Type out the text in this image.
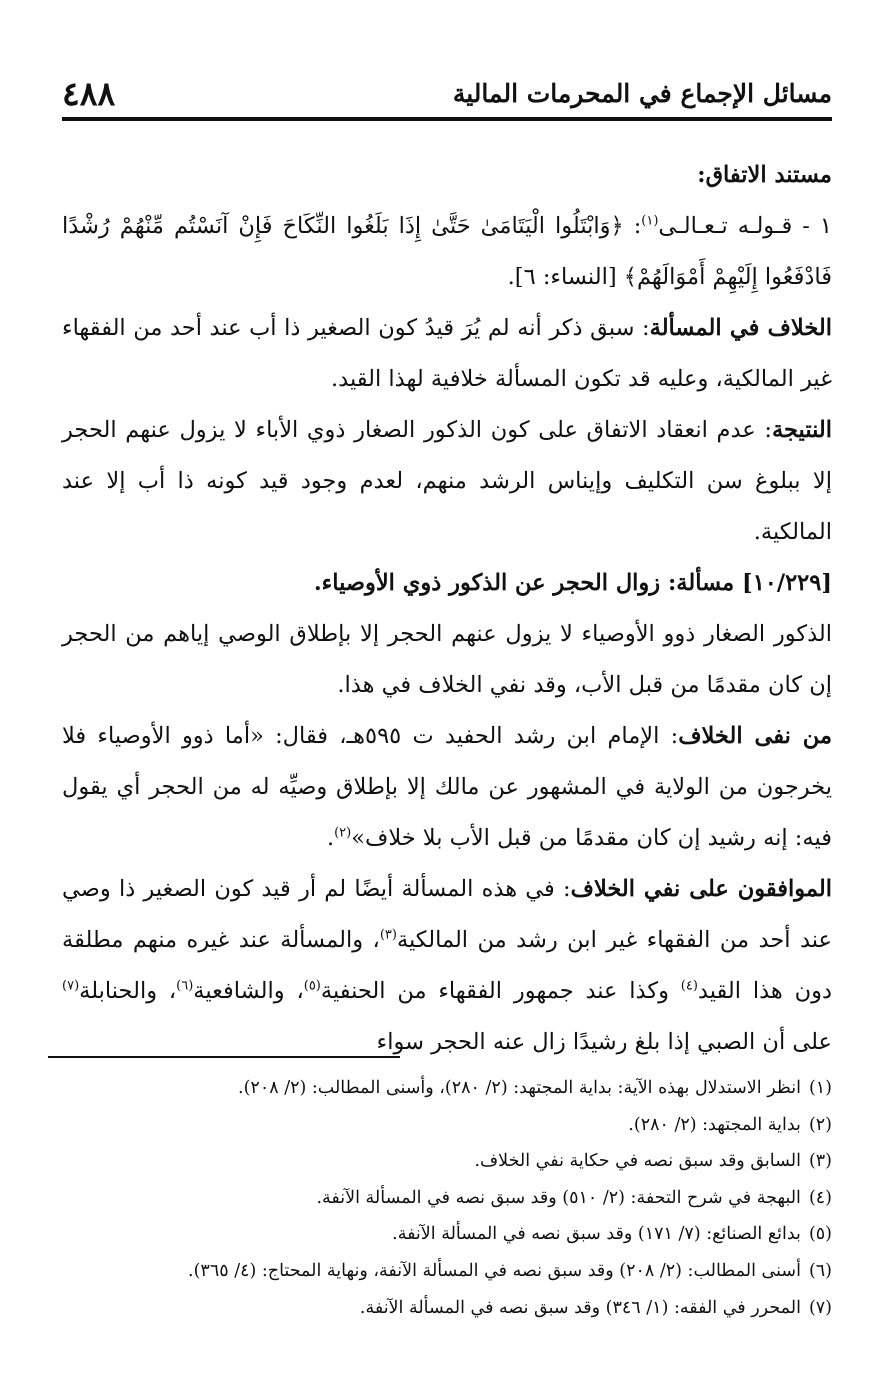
مسائل الإجماع في المحرمات المالية
٤٨٨

مستند الاتفاق:

١ - قـولـه تـعـالـى$^{(١)}$: ﴿وَابْتَلُوا الْيَتَامَىٰ حَتَّىٰ إِذَا بَلَغُوا النِّكَاحَ فَإِنْ آنَسْتُم مِّنْهُمْ رُشْدًا فَادْفَعُوا إِلَيْهِمْ أَمْوَالَهُمْ﴾ [النساء: ٦].

الخلاف في المسألة: سبق ذكر أنه لم يُرَ قيدُ كون الصغير ذا أب عند أحد من الفقهاء غير المالكية، وعليه قد تكون المسألة خلافية لهذا القيد.

النتيجة: عدم انعقاد الاتفاق على كون الذكور الصغار ذوي الأباء لا يزول عنهم الحجر إلا ببلوغ سن التكليف وإيناس الرشد منهم، لعدم وجود قيد كونه ذا أب إلا عند المالكية.

[١٠/٢٢٩] مسألة: زوال الحجر عن الذكور ذوي الأوصياء.

الذكور الصغار ذوو الأوصياء لا يزول عنهم الحجر إلا بإطلاق الوصي إياهم من الحجر إن كان مقدمًا من قبل الأب، وقد نفي الخلاف في هذا.

من نفى الخلاف: الإمام ابن رشد الحفيد ت ٥٩٥هـ، فقال: «أما ذوو الأوصياء فلا يخرجون من الولاية في المشهور عن مالك إلا بإطلاق وصيِّه له من الحجر أي يقول فيه: إنه رشيد إن كان مقدمًا من قبل الأب بلا خلاف»$^{(٢)}$.

الموافقون على نفي الخلاف: في هذه المسألة أيضًا لم أر قيد كون الصغير ذا وصي عند أحد من الفقهاء غير ابن رشد من المالكية$^{(٣)}$، والمسألة عند غيره منهم مطلقة دون هذا القيد$^{(٤)}$ وكذا عند جمهور الفقهاء من الحنفية$^{(٥)}$، والشافعية$^{(٦)}$، والحنابلة$^{(٧)}$ على أن الصبي إذا بلغ رشيدًا زال عنه الحجر سواء

(١)انظر الاستدلال بهذه الآية: بداية المجتهد: (٢/ ٢٨٠)، وأسنى المطالب: (٢/ ٢٠٨).
(٢)بداية المجتهد: (٢/ ٢٨٠).
(٣)السابق وقد سبق نصه في حكاية نفي الخلاف.
(٤)البهجة في شرح التحفة: (٢/ ٥١٠) وقد سبق نصه في المسألة الآنفة.
(٥)بدائع الصنائع: (٧/ ١٧١) وقد سبق نصه في المسألة الآنفة.
(٦)أسنى المطالب: (٢/ ٢٠٨) وقد سبق نصه في المسألة الآنفة، ونهاية المحتاج: (٤/ ٣٦٥).
(٧)المحرر في الفقه: (١/ ٣٤٦) وقد سبق نصه في المسألة الآنفة.
